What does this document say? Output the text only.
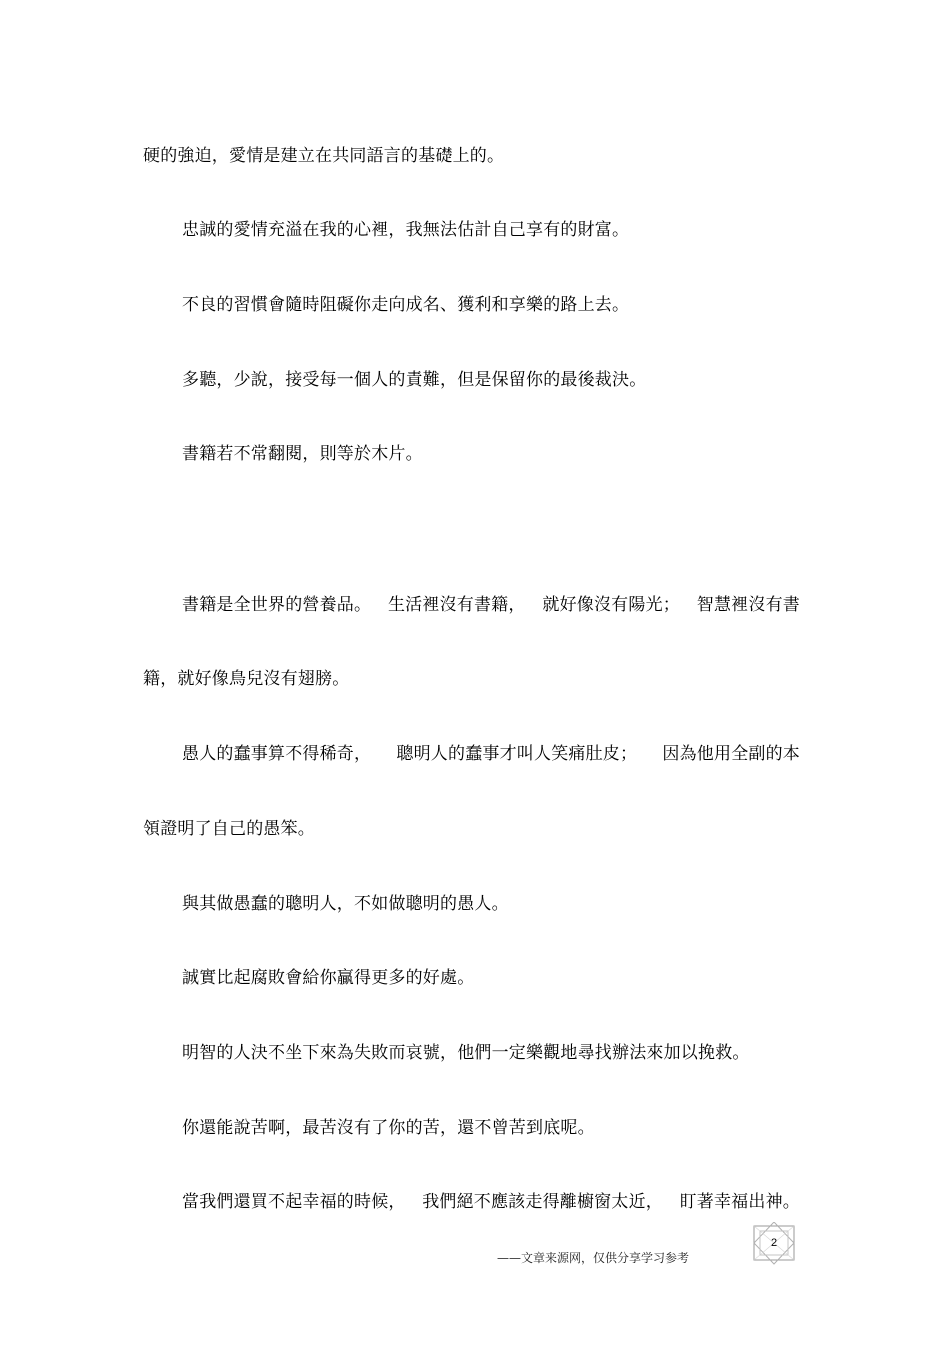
硬的強迫，愛情是建立在共同語言的基礎上的。
忠誠的愛情充溢在我的心裡，我無法估計自己享有的財富。
不良的習慣會隨時阻礙你走向成名、獲利和享樂的路上去。
多聽，少說，接受每一個人的責難，但是保留你的最後裁決。
書籍若不常翻閱，則等於木片。
書籍是全世界的營養品。 生活裡沒有書籍， 就好像沒有陽光； 智慧裡沒有書
籍，就好像鳥兒沒有翅膀。
愚人的蠢事算不得稀奇， 聰明人的蠢事才叫人笑痛肚皮； 因為他用全副的本
領證明了自己的愚笨。
與其做愚蠢的聰明人，不如做聰明的愚人。
誠實比起腐敗會給你贏得更多的好處。
明智的人決不坐下來為失敗而哀號，他們一定樂觀地尋找辦法來加以挽救。
你還能說苦啊，最苦沒有了你的苦，還不曾苦到底呢。
當我們還買不起幸福的時候， 我們絕不應該走得離櫥窗太近， 盯著幸福出神。
2
——文章来源网，仅供分享学习参考
